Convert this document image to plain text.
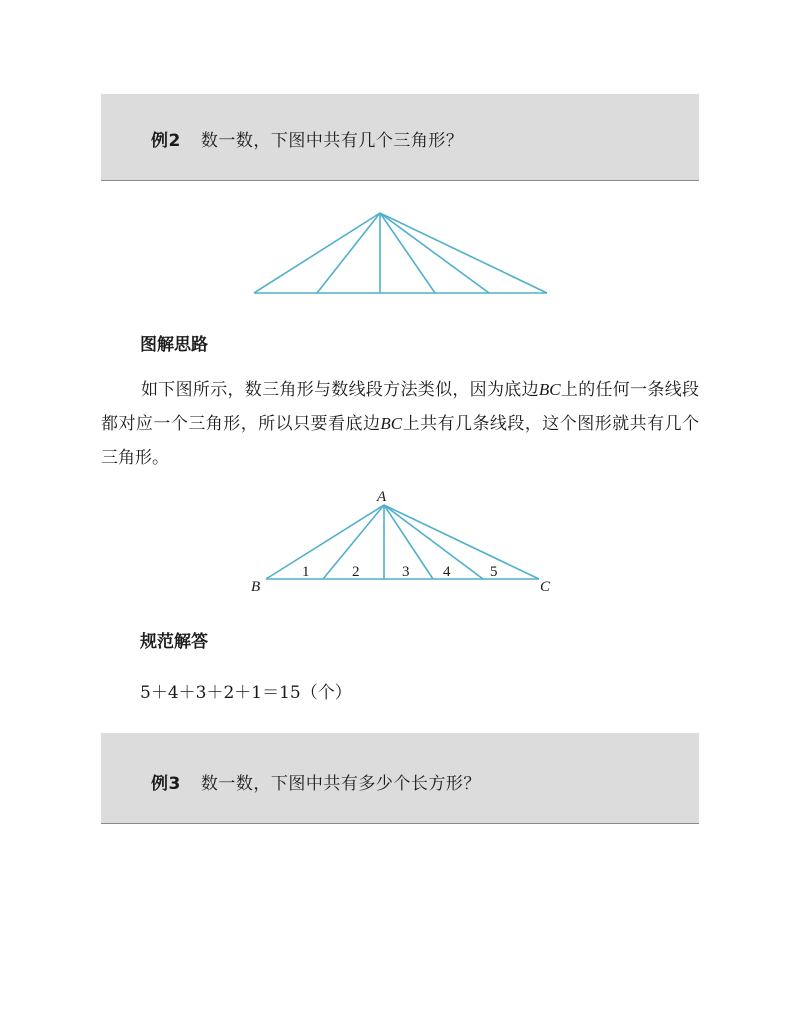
例2 数一数，下图中共有几个三角形？
图解思路

如下图所示，数三角形与数线段方法类似，因为底边BC上的任何一条线段都对应一个三角形，所以只要看底边BC上共有几条线段，这个图形就共有几个三角形。

A
B	C
1	2	3 4	5
规范解答
5＋4＋3＋2＋1＝15（个）
例3 数一数，下图中共有多少个长方形？
